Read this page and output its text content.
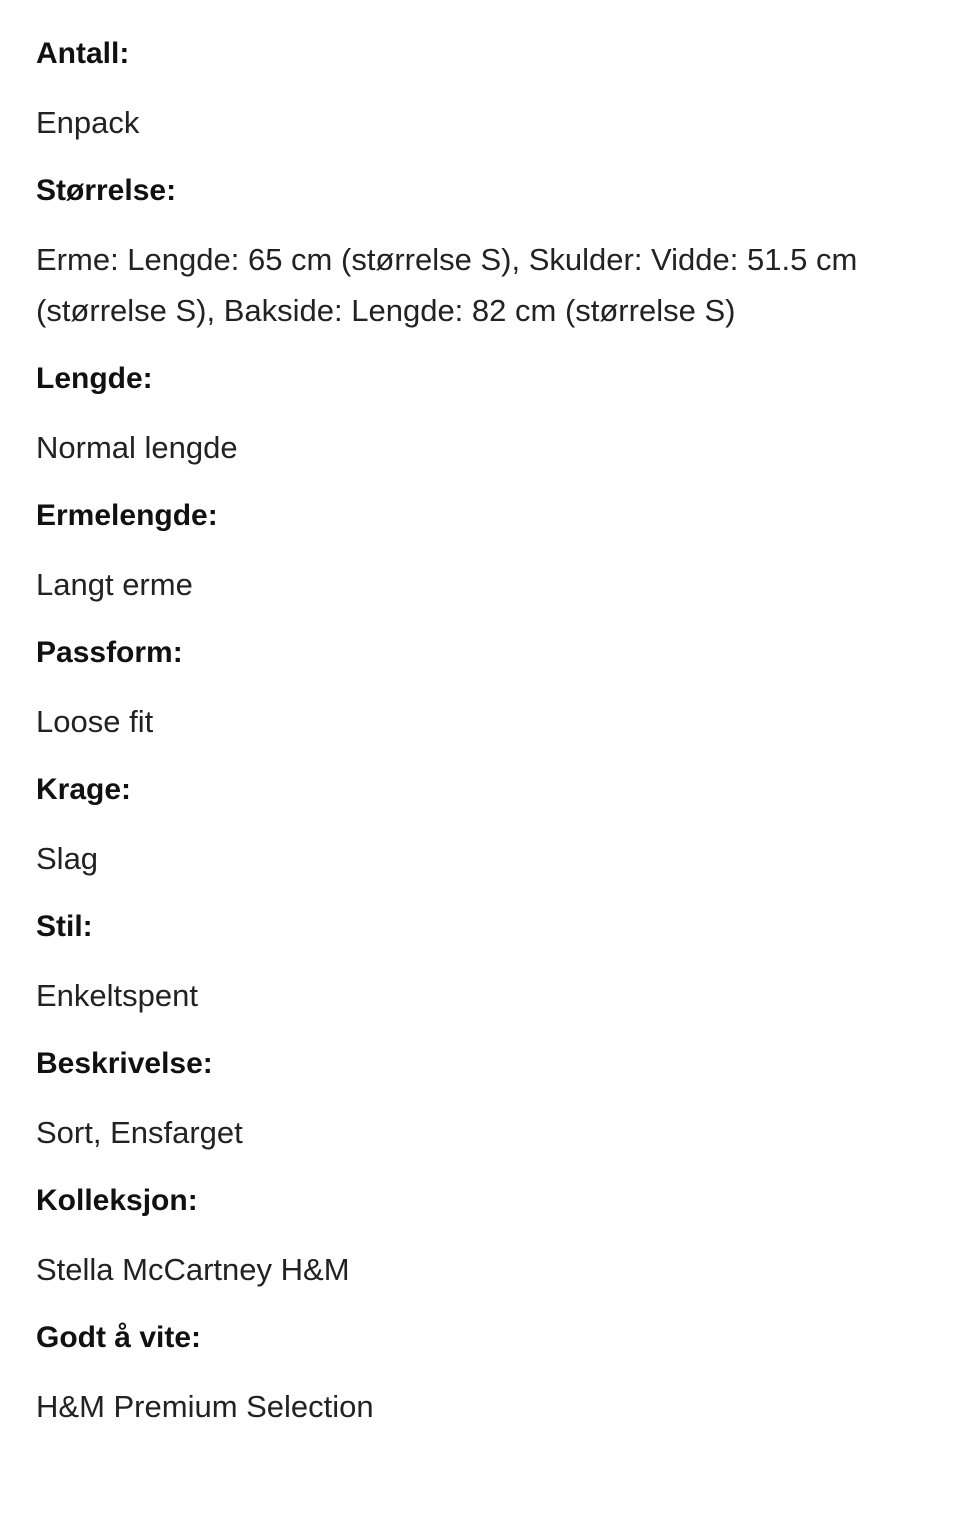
Antall:
Enpack
Størrelse:
Erme: Lengde: 65 cm (størrelse S), Skulder: Vidde: 51.5 cm (størrelse S), Bakside: Lengde: 82 cm (størrelse S)
Lengde:
Normal lengde
Ermelengde:
Langt erme
Passform:
Loose fit
Krage:
Slag
Stil:
Enkeltspent
Beskrivelse:
Sort, Ensfarget
Kolleksjon:
Stella McCartney H&M
Godt å vite:
H&M Premium Selection
